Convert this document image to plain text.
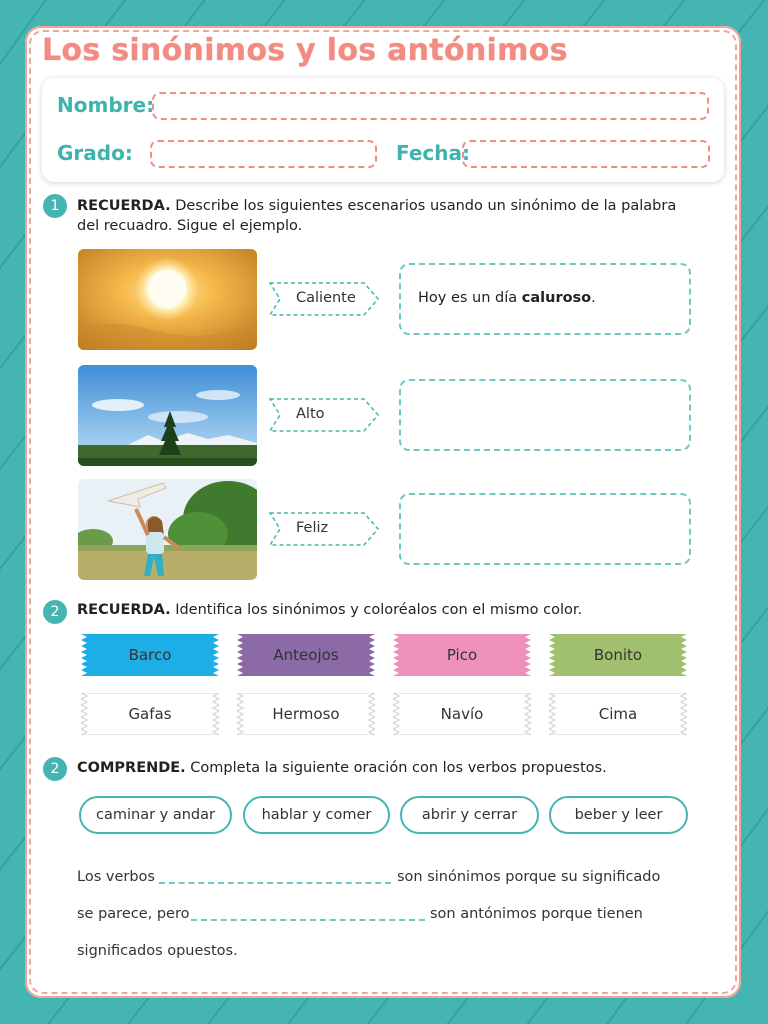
Los sinónimos y los antónimos
Nombre:
Grado:	Fecha:
1	RECUERDA. Describe los siguientes escenarios usando un sinónimo de la palabra del recuadro. Sigue el ejemplo.
Caliente
Alto
Feliz
Hoy es un día caluroso.
2	RECUERDA. Identifica los sinónimos y coloréalos con el mismo color.
Barco	Anteojos	Pico	Bonito
Gafas	Hermoso	Navío	Cima
2	COMPRENDE. Completa la siguiente oración con los verbos propuestos.
caminar y andar	hablar y comer	abrir y cerrar	beber y leer
Los verbos	son sinónimos porque su significado
se parece, pero	son antónimos porque tienen
significados opuestos.
